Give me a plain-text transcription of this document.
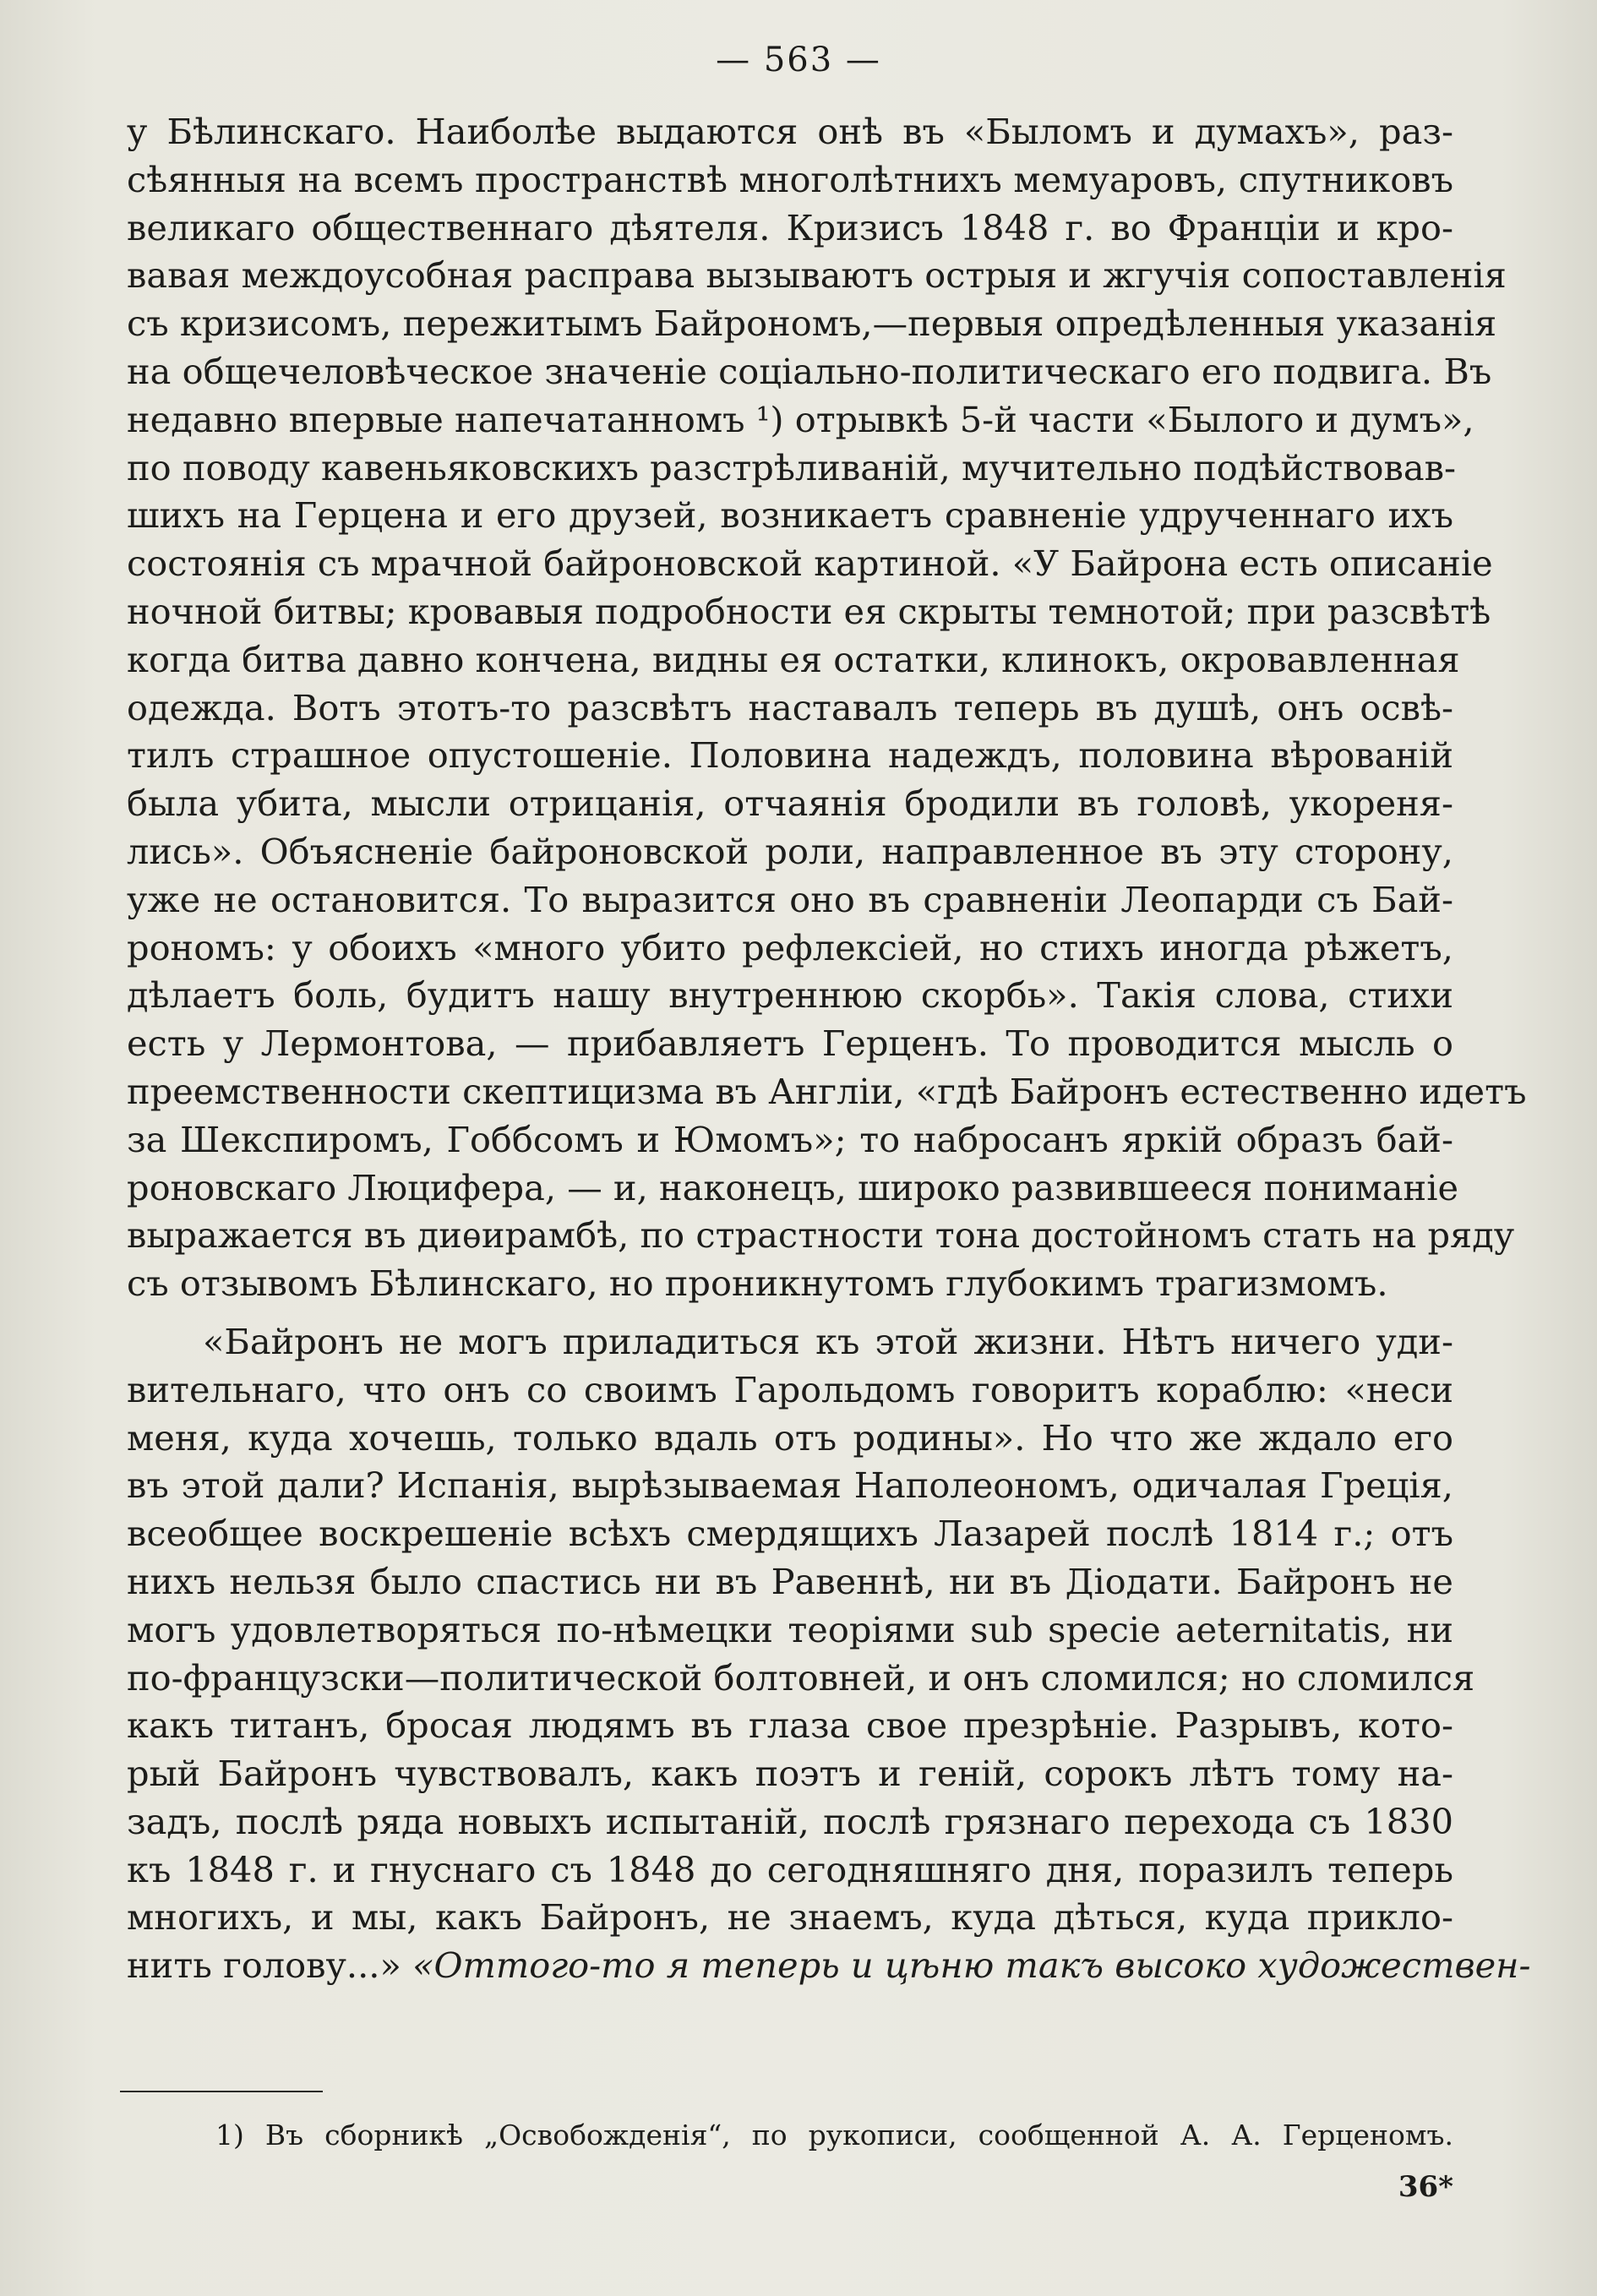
— 563 —
у Бѣлинскаго. Наиболѣе выдаются онѣ въ «Быломъ и думахъ», раз-
сѣянныя на всемъ пространствѣ многолѣтнихъ мемуаровъ, спутниковъ
великаго общественнаго дѣятеля. Кризисъ 1848 г. во Франціи и кро-
вавая междоусобная расправа вызываютъ острыя и жгучія сопоставленія
съ кризисомъ, пережитымъ Байрономъ,—первыя опредѣленныя указанія
на общечеловѣческое значеніе соціально-политическаго его подвига. Въ
недавно впервые напечатанномъ ¹) отрывкѣ 5-й части «Былого и думъ»,
по поводу кавеньяковскихъ разстрѣливаній, мучительно подѣйствовав-
шихъ на Герцена и его друзей, возникаетъ сравненіе удрученнаго ихъ
состоянія съ мрачной байроновской картиной. «У Байрона есть описаніе
ночной битвы; кровавыя подробности ея скрыты темнотой; при разсвѣтѣ
когда битва давно кончена, видны ея остатки, клинокъ, окровавленная
одежда. Вотъ этотъ-то разсвѣтъ наставалъ теперь въ душѣ, онъ освѣ-
тилъ страшное опустошеніе. Половина надеждъ, половина вѣрованій
была убита, мысли отрицанія, отчаянія бродили въ головѣ, укореня-
лись». Объясненіе байроновской роли, направленное въ эту сторону,
уже не остановится. То выразится оно въ сравненіи Леопарди съ Бай-
рономъ: у обоихъ «много убито рефлексіей, но стихъ иногда рѣжетъ,
дѣлаетъ боль, будитъ нашу внутреннюю скорбь». Такія слова, стихи
есть у Лермонтова, — прибавляетъ Герценъ. То проводится мысль о
преемственности скептицизма въ Англіи, «гдѣ Байронъ естественно идетъ
за Шекспиромъ, Гоббсомъ и Юмомъ»; то набросанъ яркій образъ бай-
роновскаго Люцифера, — и, наконецъ, широко развившееся пониманіе
выражается въ диѳирамбѣ, по страстности тона достойномъ стать на ряду
съ отзывомъ Бѣлинскаго, но проникнутомъ глубокимъ трагизмомъ.
«Байронъ не могъ приладиться къ этой жизни. Нѣтъ ничего уди-
вительнаго, что онъ со своимъ Гарольдомъ говоритъ кораблю: «неси
меня, куда хочешь, только вдаль отъ родины». Но что же ждало его
въ этой дали? Испанія, вырѣзываемая Наполеономъ, одичалая Греція,
всеобщее воскрешеніе всѣхъ смердящихъ Лазарей послѣ 1814 г.; отъ
нихъ нельзя было спастись ни въ Равеннѣ, ни въ Діодати. Байронъ не
могъ удовлетворяться по-нѣмецки теоріями sub specie aeternitatis, ни
по-французски—политической болтовней, и онъ сломился; но сломился
какъ титанъ, бросая людямъ въ глаза свое презрѣніе. Разрывъ, кото-
рый Байронъ чувствовалъ, какъ поэтъ и геній, сорокъ лѣтъ тому на-
задъ, послѣ ряда новыхъ испытаній, послѣ грязнаго перехода съ 1830
къ 1848 г. и гнуснаго съ 1848 до сегодняшняго дня, поразилъ теперь
многихъ, и мы, какъ Байронъ, не знаемъ, куда дѣться, куда прикло-
нить голову...» «Оттого-то я теперь и цѣню такъ высоко художествен-
1) Въ сборникѣ „Освобожденія“, по рукописи, сообщенной А. А. Герценомъ.
36*
